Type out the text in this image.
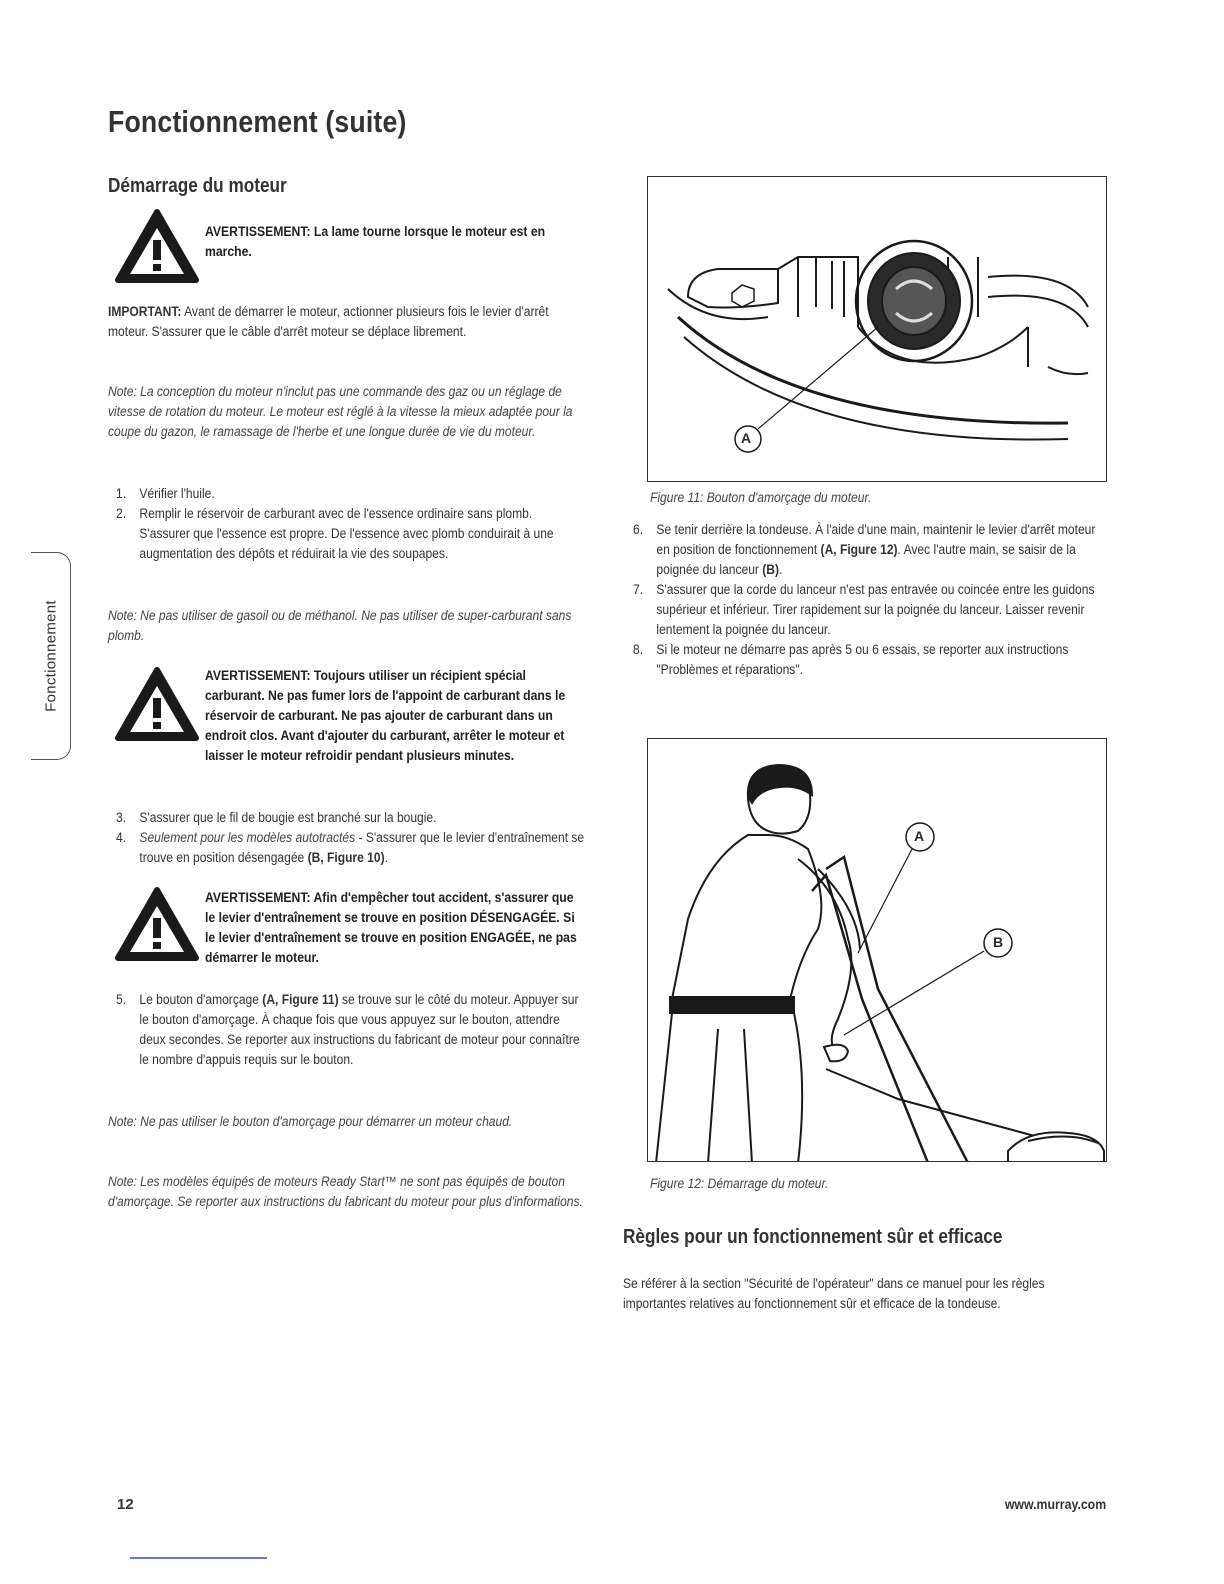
Fonctionnement (suite)
Fonctionnement
Démarrage du moteur
AVERTISSEMENT: La lame tourne lorsque le moteur est en marche.

IMPORTANT: Avant de démarrer le moteur, actionner plusieurs fois le levier d'arrêt moteur. S'assurer que le câble d'arrêt moteur se déplace librement.

Note: La conception du moteur n'inclut pas une commande des gaz ou un réglage de vitesse de rotation du moteur. Le moteur est réglé à la vitesse la mieux adaptée pour la coupe du gazon, le ramassage de l'herbe et une longue durée de vie du moteur.
1. Vérifier l'huile.
2. Remplir le réservoir de carburant avec de l'essence ordinaire sans plomb. S'assurer que l'essence est propre. De l'essence avec plomb conduirait à une augmentation des dépôts et réduirait la vie des soupapes.
Note: Ne pas utiliser de gasoil ou de méthanol. Ne pas utiliser de super-carburant sans plomb.
AVERTISSEMENT: Toujours utiliser un récipient spécial carburant. Ne pas fumer lors de l'appoint de carburant dans le réservoir de carburant. Ne pas ajouter de carburant dans un endroit clos. Avant d'ajouter du carburant, arrêter le moteur et laisser le moteur refroidir pendant plusieurs minutes.
3. S'assurer que le fil de bougie est branché sur la bougie.
4. Seulement pour les modèles autotractés - S'assurer que le levier d'entraînement se trouve en position désengagée (B, Figure 10).
AVERTISSEMENT: Afin d'empêcher tout accident, s'assurer que le levier d'entraînement se trouve en position DÉSENGAGÉE. Si le levier d'entraînement se trouve en position ENGAGÉE, ne pas démarrer le moteur.
5. Le bouton d'amorçage (A, Figure 11) se trouve sur le côté du moteur. Appuyer sur le bouton d'amorçage. À chaque fois que vous appuyez sur le bouton, attendre deux secondes. Se reporter aux instructions du fabricant de moteur pour connaître le nombre d'appuis requis sur le bouton.
Note: Ne pas utiliser le bouton d'amorçage pour démarrer un moteur chaud.
Note: Les modèles équipés de moteurs Ready Start™ ne sont pas équipés de bouton d'amorçage. Se reporter aux instructions du fabricant du moteur pour plus d'informations.
A
Figure 11: Bouton d'amorçage du moteur.
6. Se tenir derrière la tondeuse. À l'aide d'une main, maintenir le levier d'arrêt moteur en position de fonctionnement (A, Figure 12). Avec l'autre main, se saisir de la poignée du lanceur (B).
7. S'assurer que la corde du lanceur n'est pas entravée ou coincée entre les guidons supérieur et inférieur. Tirer rapidement sur la poignée du lanceur. Laisser revenir lentement la poignée du lanceur.
8. Si le moteur ne démarre pas après 5 ou 6 essais, se reporter aux instructions "Problèmes et réparations".
A
B
Figure 12: Démarrage du moteur.
Règles pour un fonctionnement sûr et efficace
Se référer à la section "Sécurité de l'opérateur" dans ce manuel pour les règles importantes relatives au fonctionnement sûr et efficace de la tondeuse.
12	www.murray.com
